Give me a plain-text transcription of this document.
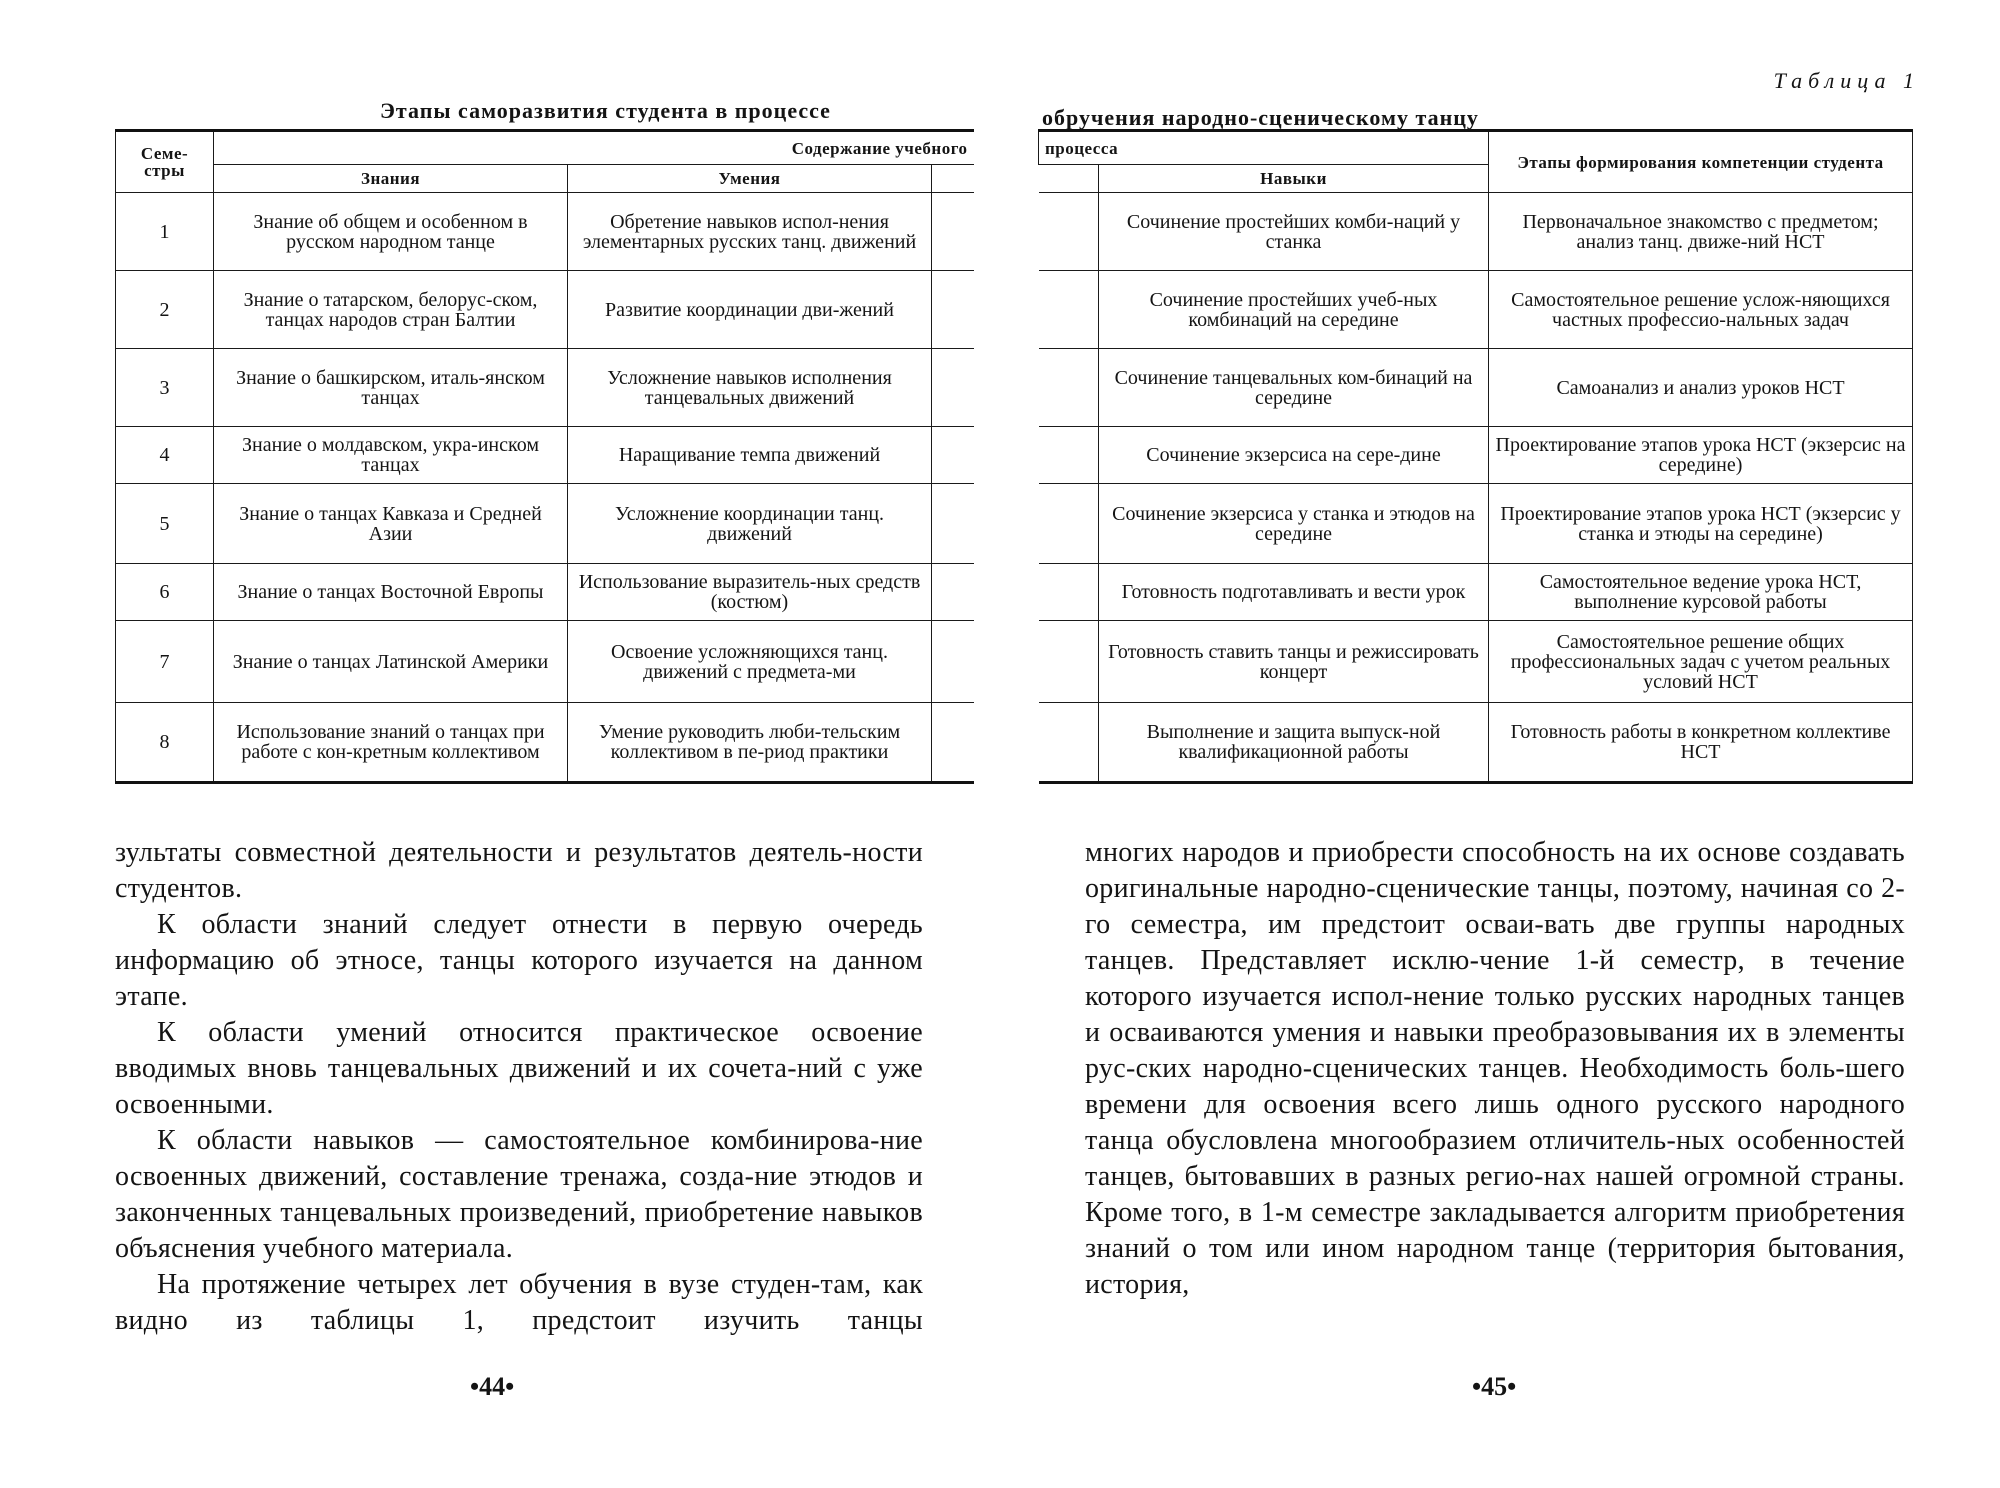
Этапы саморазвития студента в процессе
Семе-
стры	Содержание учебного		
	Знания	Умения	
1	Знание об общем и особенном в русском народном танце	Обретение навыков испол-нения элементарных русских танц. движений	
2	Знание о татарском, белорус-ском, танцах народов стран Балтии	Развитие координации дви-жений	
3	Знание о башкирском, италь-янском танцах	Усложнение навыков исполнения танцевальных движений	
4	Знание о молдавском, укра-инском танцах	Наращивание темпа движений	
5	Знание о танцах Кавказа и Средней Азии	Усложнение координации танц. движений	
6	Знание о танцах Восточной Европы	Использование выразитель-ных средств (костюм)	
7	Знание о танцах Латинской Америки	Освоение усложняющихся танц. движений с предмета-ми	
8	Использование знаний о танцах при работе с кон-кретным коллективом	Умение руководить люби-тельским коллективом в пе-риод практики	

зультаты совместной деятельности и результатов деятель-ности студентов.

К области знаний следует отнести в первую очередь информацию об этносе, танцы которого изучается на данном этапе.

К области умений относится практическое освоение вводимых вновь танцевальных движений и их сочета-ний с уже освоенными.

К области навыков — самостоятельное комбинирова-ние освоенных движений, составление тренажа, созда-ние этюдов и законченных танцевальных произведений, приобретение навыков объяснения учебного материала.

На протяжение четырех лет обучения в вузе студен-там, как видно из таблицы 1, предстоит изучить танцы

•44•
Таблица 1
обручения народно-сценическому танцу
процесса		Этапы формирования компетенции студента
	Навыки	
	Сочинение простейших комби-наций у станка	Первоначальное знакомство с предметом; анализ танц. движе-ний НСТ
	Сочинение простейших учеб-ных комбинаций на середине	Самостоятельное решение услож-няющихся частных профессио-нальных задач
	Сочинение танцевальных ком-бинаций на середине	Самоанализ и анализ уроков НСТ
	Сочинение экзерсиса на сере-дине	Проектирование этапов урока НСТ (экзерсис на середине)
	Сочинение экзерсиса у станка и этюдов на середине	Проектирование этапов урока НСТ (экзерсис у станка и этюды на середине)
	Готовность подготавливать и вести урок	Самостоятельное ведение урока НСТ, выполнение курсовой работы
	Готовность ставить танцы и режиссировать концерт	Самостоятельное решение общих профессиональных задач с учетом реальных условий НСТ
	Выполнение и защита выпуск-ной квалификационной работы	Готовность работы в конкретном коллективе НСТ

многих народов и приобрести способность на их основе создавать оригинальные народно-сценические танцы, поэтому, начиная со 2-го семестра, им предстоит осваи-вать две группы народных танцев. Представляет исклю-чение 1-й семестр, в течение которого изучается испол-нение только русских народных танцев и осваиваются умения и навыки преобразовывания их в элементы рус-ских народно-сценических танцев. Необходимость боль-шего времени для освоения всего лишь одного русского народного танца обусловлена многообразием отличитель-ных особенностей танцев, бытовавших в разных регио-нах нашей огромной страны. Кроме того, в 1-м семестре закладывается алгоритм приобретения знаний о том или ином народном танце (территория бытования, история,

•45•
